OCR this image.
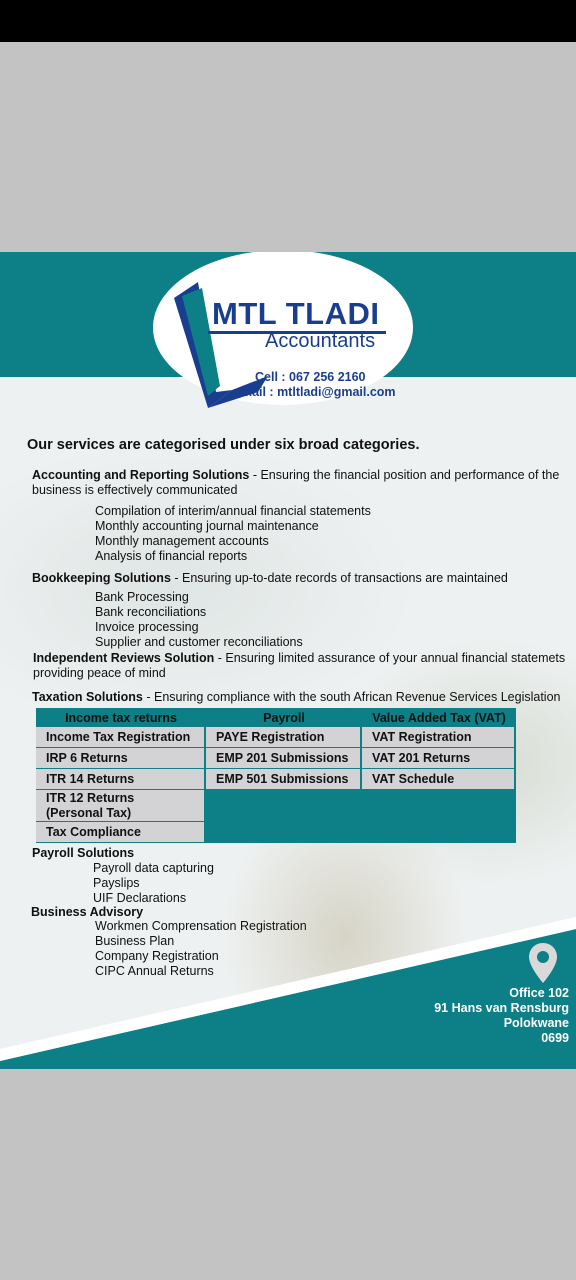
MTL TLADI
Accountants
Cell : 067 256 2160
email : mtltladi@gmail.com
Our services are categorised under six broad categories.
Accounting and Reporting Solutions - Ensuring the financial position and performance of the business is effectively communicated
Compilation of interim/annual financial statements
Monthly accounting journal maintenance
Monthly management accounts
Analysis of financial reports
Bookkeeping Solutions - Ensuring up-to-date records of transactions are maintained
Bank Processing
Bank reconciliations
Invoice processing
Supplier and customer reconciliations
Independent Reviews Solution - Ensuring limited assurance of your annual financial statemets providing peace of mind
Taxation Solutions - Ensuring compliance with the south African Revenue Services Legislation
Income tax returns	Payroll	Value Added Tax (VAT)
Income Tax Registration	PAYE Registration	VAT Registration
IRP 6 Returns	EMP 201 Submissions	VAT 201 Returns
ITR 14 Returns	EMP 501 Submissions	VAT Schedule
ITR 12 Returns (Personal Tax)		
Tax Compliance		
Payroll Solutions
Payroll data capturing
Payslips
UIF Declarations
Business Advisory
Workmen Comprensation Registration
Business Plan
Company Registration
CIPC Annual Returns
Office 102
91 Hans van Rensburg
Polokwane
0699
